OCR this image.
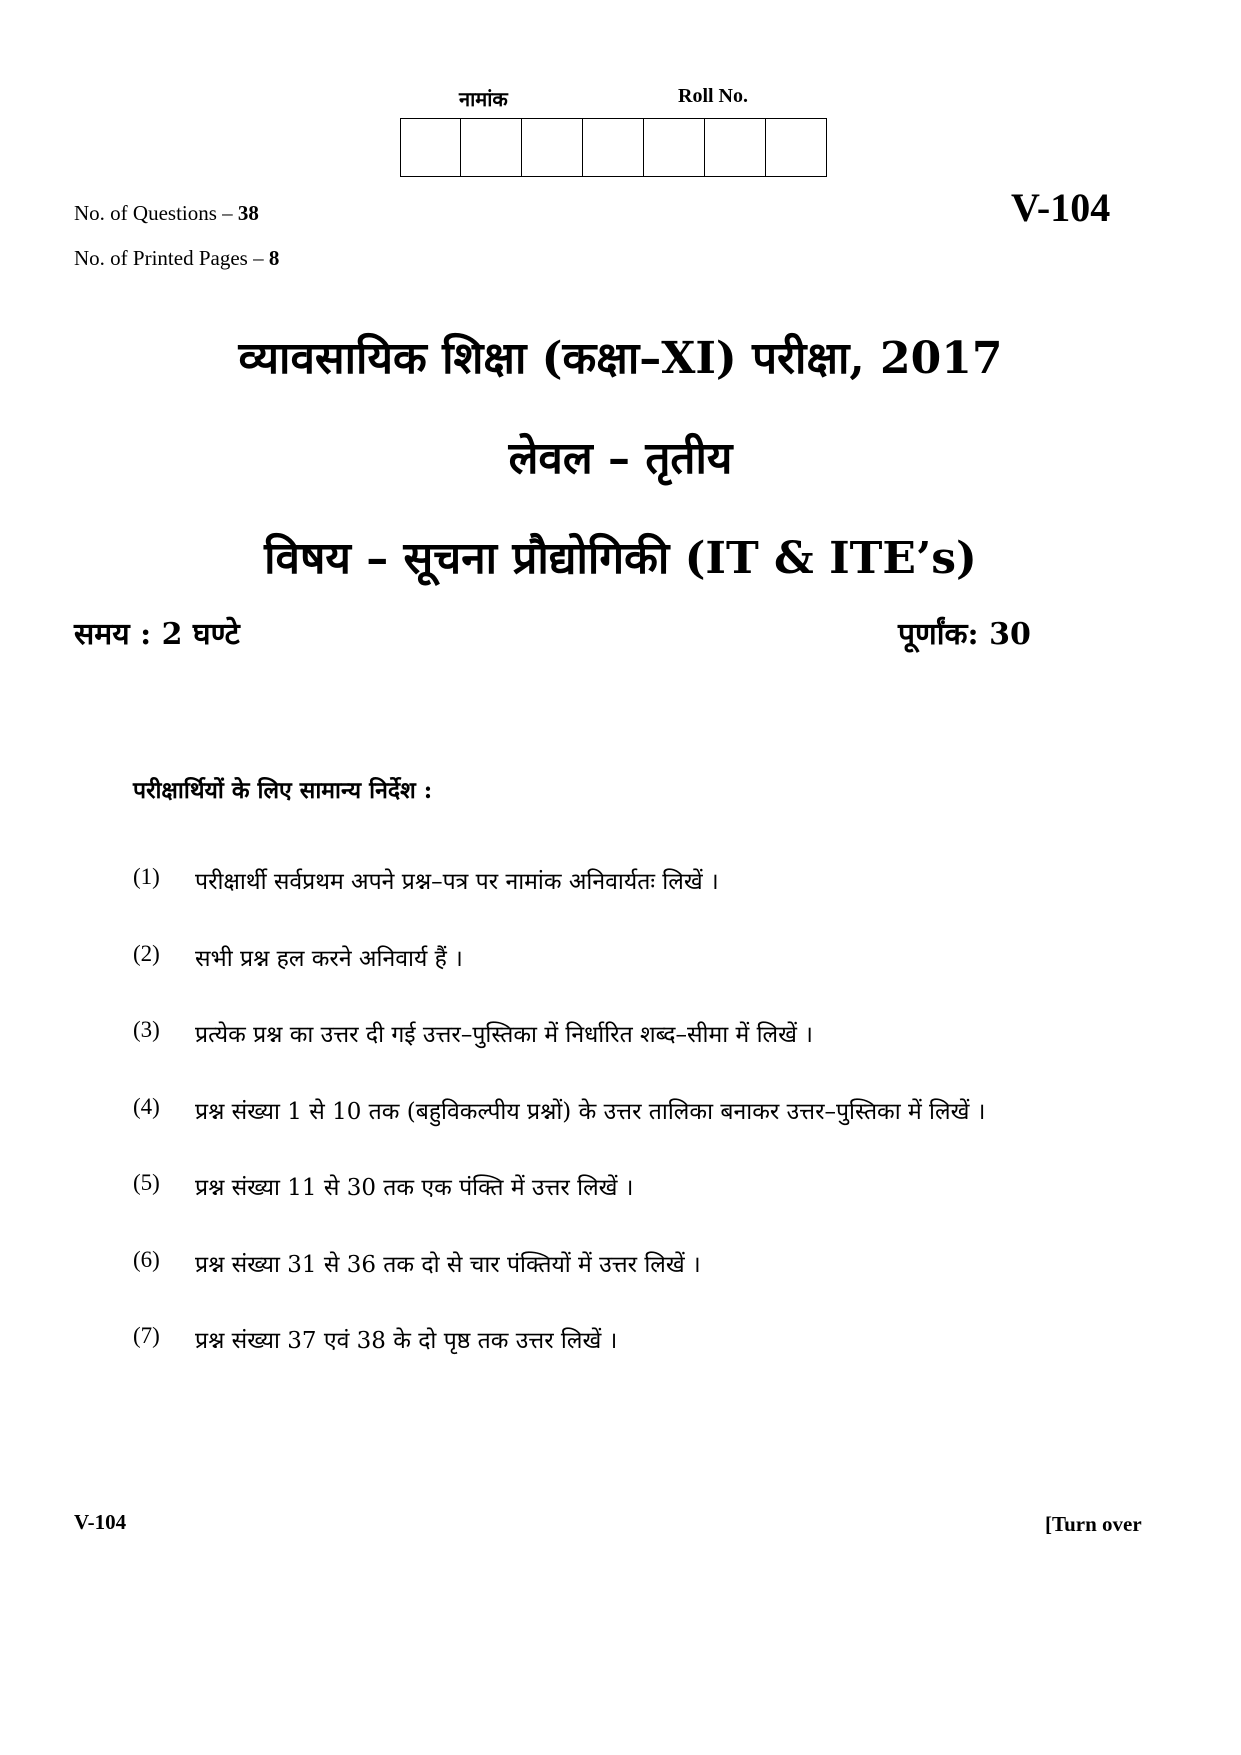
नामांक	Roll No.
No. of Questions – 38
No. of Printed Pages – 8
V-104
व्यावसायिक शिक्षा (कक्षा–XI) परीक्षा, 2017
लेवल – तृतीय
विषय – सूचना प्रौद्योगिकी (IT & ITE’s)
समय : 2 घण्टे	पूर्णांक: 30
परीक्षार्थियों के लिए सामान्य निर्देश :
(1)	परीक्षार्थी सर्वप्रथम अपने प्रश्न–पत्र पर नामांक अनिवार्यतः लिखें ।
(2)	सभी प्रश्न हल करने अनिवार्य हैं ।
(3)	प्रत्येक प्रश्न का उत्तर दी गई उत्तर–पुस्तिका में निर्धारित शब्द–सीमा में लिखें ।
(4)	प्रश्न संख्या 1 से 10 तक (बहुविकल्पीय प्रश्नों) के उत्तर तालिका बनाकर उत्तर–पुस्तिका में लिखें ।
(5)	प्रश्न संख्या 11 से 30 तक एक पंक्ति में उत्तर लिखें ।
(6)	प्रश्न संख्या 31 से 36 तक दो से चार पंक्तियों में उत्तर लिखें ।
(7)	प्रश्न संख्या 37 एवं 38 के दो पृष्ठ तक उत्तर लिखें ।
V-104	[Turn over
